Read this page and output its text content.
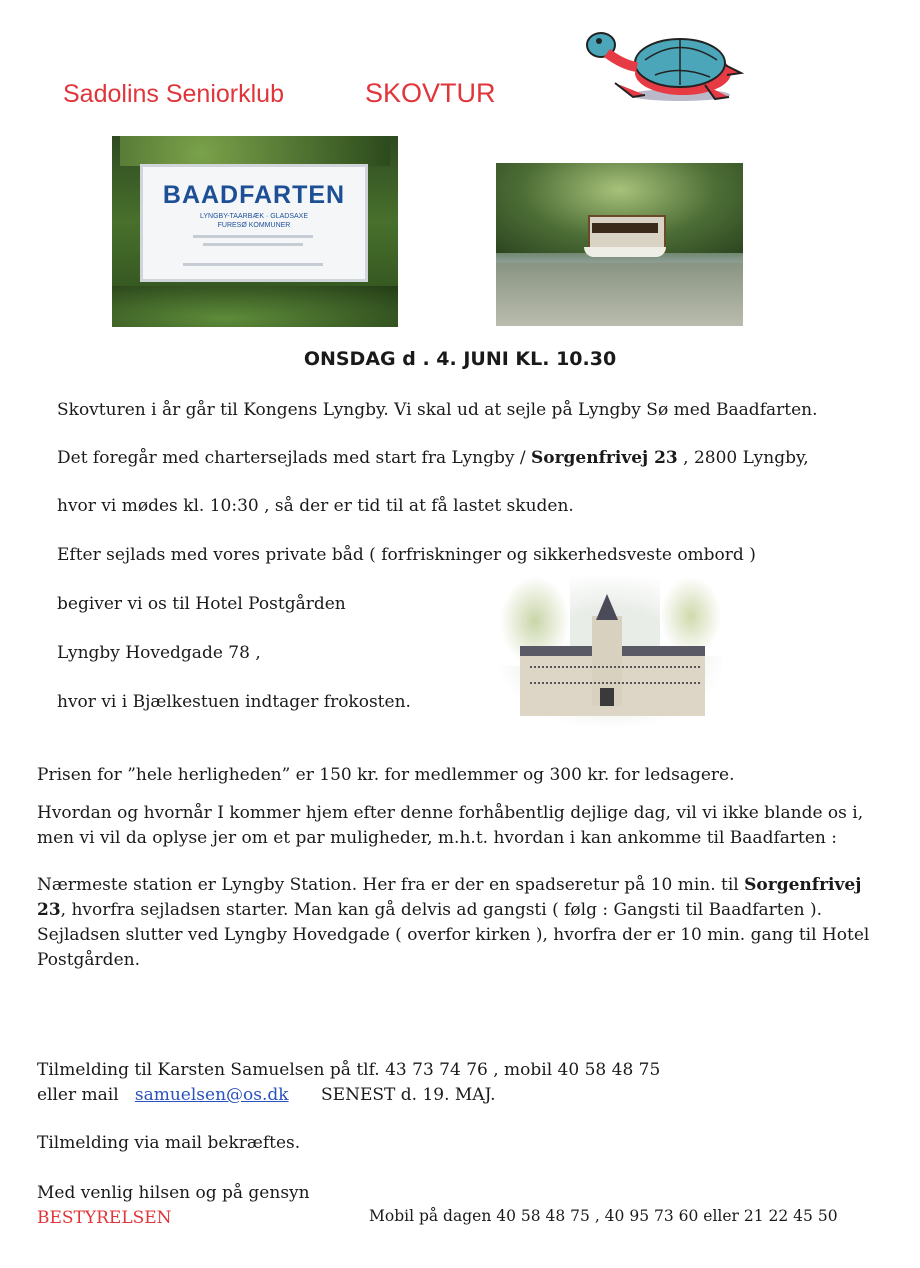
Sadolins Seniorklub	SKOVTUR
BAADFARTEN
LYNGBY-TAARBÆK · GLADSAXE
FURESØ KOMMUNER
ONSDAG d . 4. JUNI KL. 10.30
Skovturen i år går til Kongens Lyngby. Vi skal ud at sejle på Lyngby Sø med Baadfarten.
Det foregår med chartersejlads med start fra Lyngby / Sorgenfrivej 23 , 2800 Lyngby,
hvor vi mødes kl. 10:30 , så der er tid til at få lastet skuden.
Efter sejlads med vores private båd ( forfriskninger og sikkerhedsveste ombord )
begiver vi os til Hotel Postgården
Lyngby Hovedgade 78 ,
hvor vi i Bjælkestuen indtager frokosten.
Prisen for ”hele herligheden” er 150 kr. for medlemmer og 300 kr. for ledsagere.
Hvordan og hvornår I kommer hjem efter denne forhåbentlig dejlige dag, vil vi ikke blande os i, men vi vil da oplyse jer om et par muligheder, m.h.t. hvordan i kan ankomme til Baadfarten :
Nærmeste station er Lyngby Station. Her fra er der en spadseretur på 10 min. til Sorgenfrivej 23, hvorfra sejladsen starter. Man kan gå delvis ad gangsti ( følg : Gangsti til Baadfarten ). Sejladsen slutter ved Lyngby Hovedgade ( overfor kirken ), hvorfra der er 10 min. gang til Hotel Postgården.
Tilmelding til Karsten Samuelsen på tlf. 43 73 74 76 , mobil 40 58 48 75
eller mail samuelsen@os.dk SENEST d. 19. MAJ.
Tilmelding via mail bekræftes.
Med venlig hilsen og på gensyn
BESTYRELSEN	Mobil på dagen 40 58 48 75 , 40 95 73 60 eller 21 22 45 50
